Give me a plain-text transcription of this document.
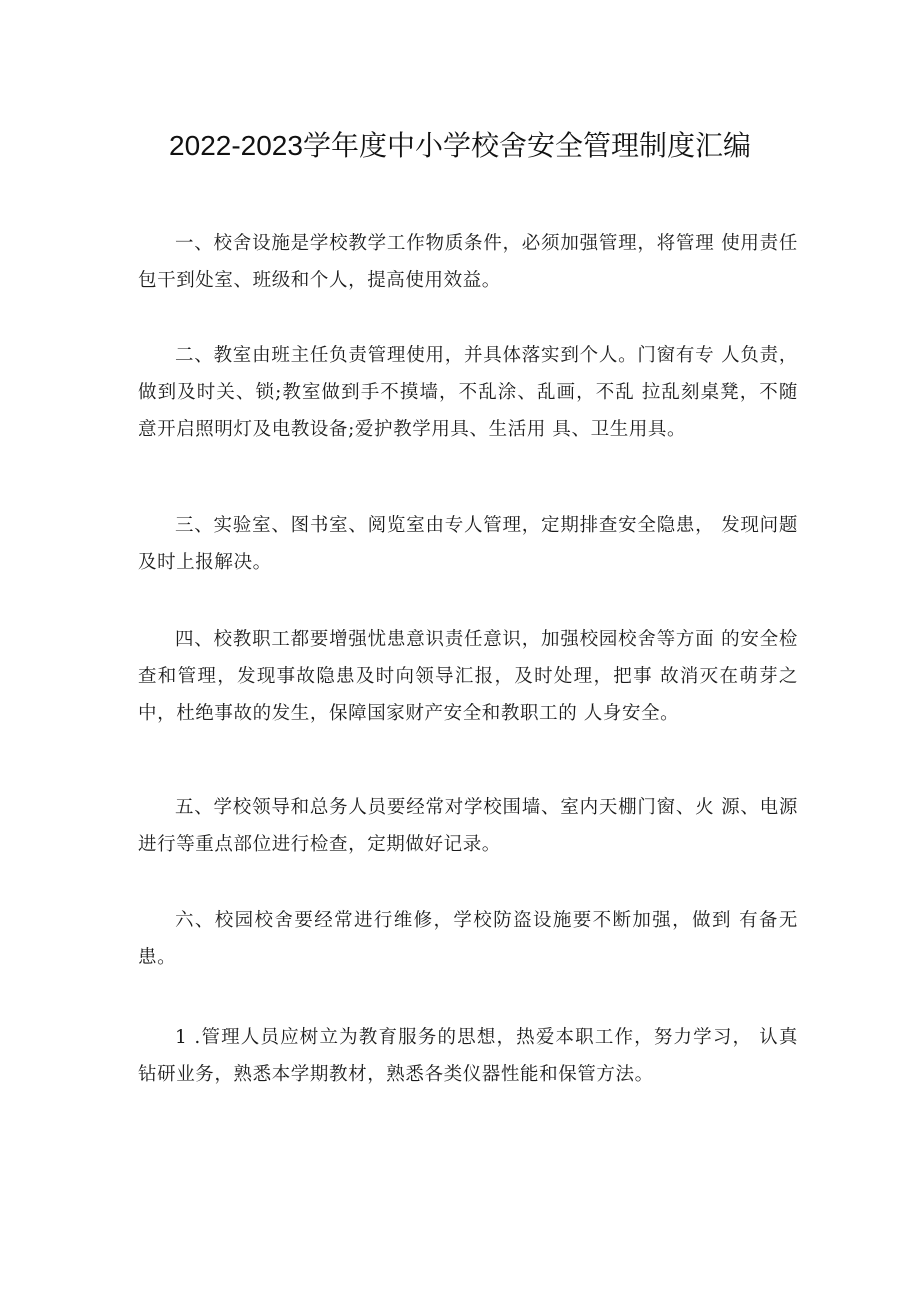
2022-2023学年度中小学校舍安全管理制度汇编

一、校舍设施是学校教学工作物质条件，必须加强管理，将管理 使用责任包干到处室、班级和个人，提高使用效益。

二、教室由班主任负责管理使用，并具体落实到个人。门窗有专 人负责，做到及时关、锁;教室做到手不摸墙，不乱涂、乱画，不乱 拉乱刻桌凳，不随意开启照明灯及电教设备;爱护教学用具、生活用 具、卫生用具。

三、实验室、图书室、阅览室由专人管理，定期排查安全隐患， 发现问题及时上报解决。

四、校教职工都要增强忧患意识责任意识，加强校园校舍等方面 的安全检查和管理，发现事故隐患及时向领导汇报，及时处理，把事 故消灭在萌芽之中，杜绝事故的发生，保障国家财产安全和教职工的 人身安全。

五、学校领导和总务人员要经常对学校围墙、室内天棚门窗、火 源、电源进行等重点部位进行检查，定期做好记录。

六、校园校舍要经常进行维修，学校防盗设施要不断加强，做到 有备无患。

1 .管理人员应树立为教育服务的思想，热爱本职工作，努力学习， 认真钻研业务，熟悉本学期教材，熟悉各类仪器性能和保管方法。
